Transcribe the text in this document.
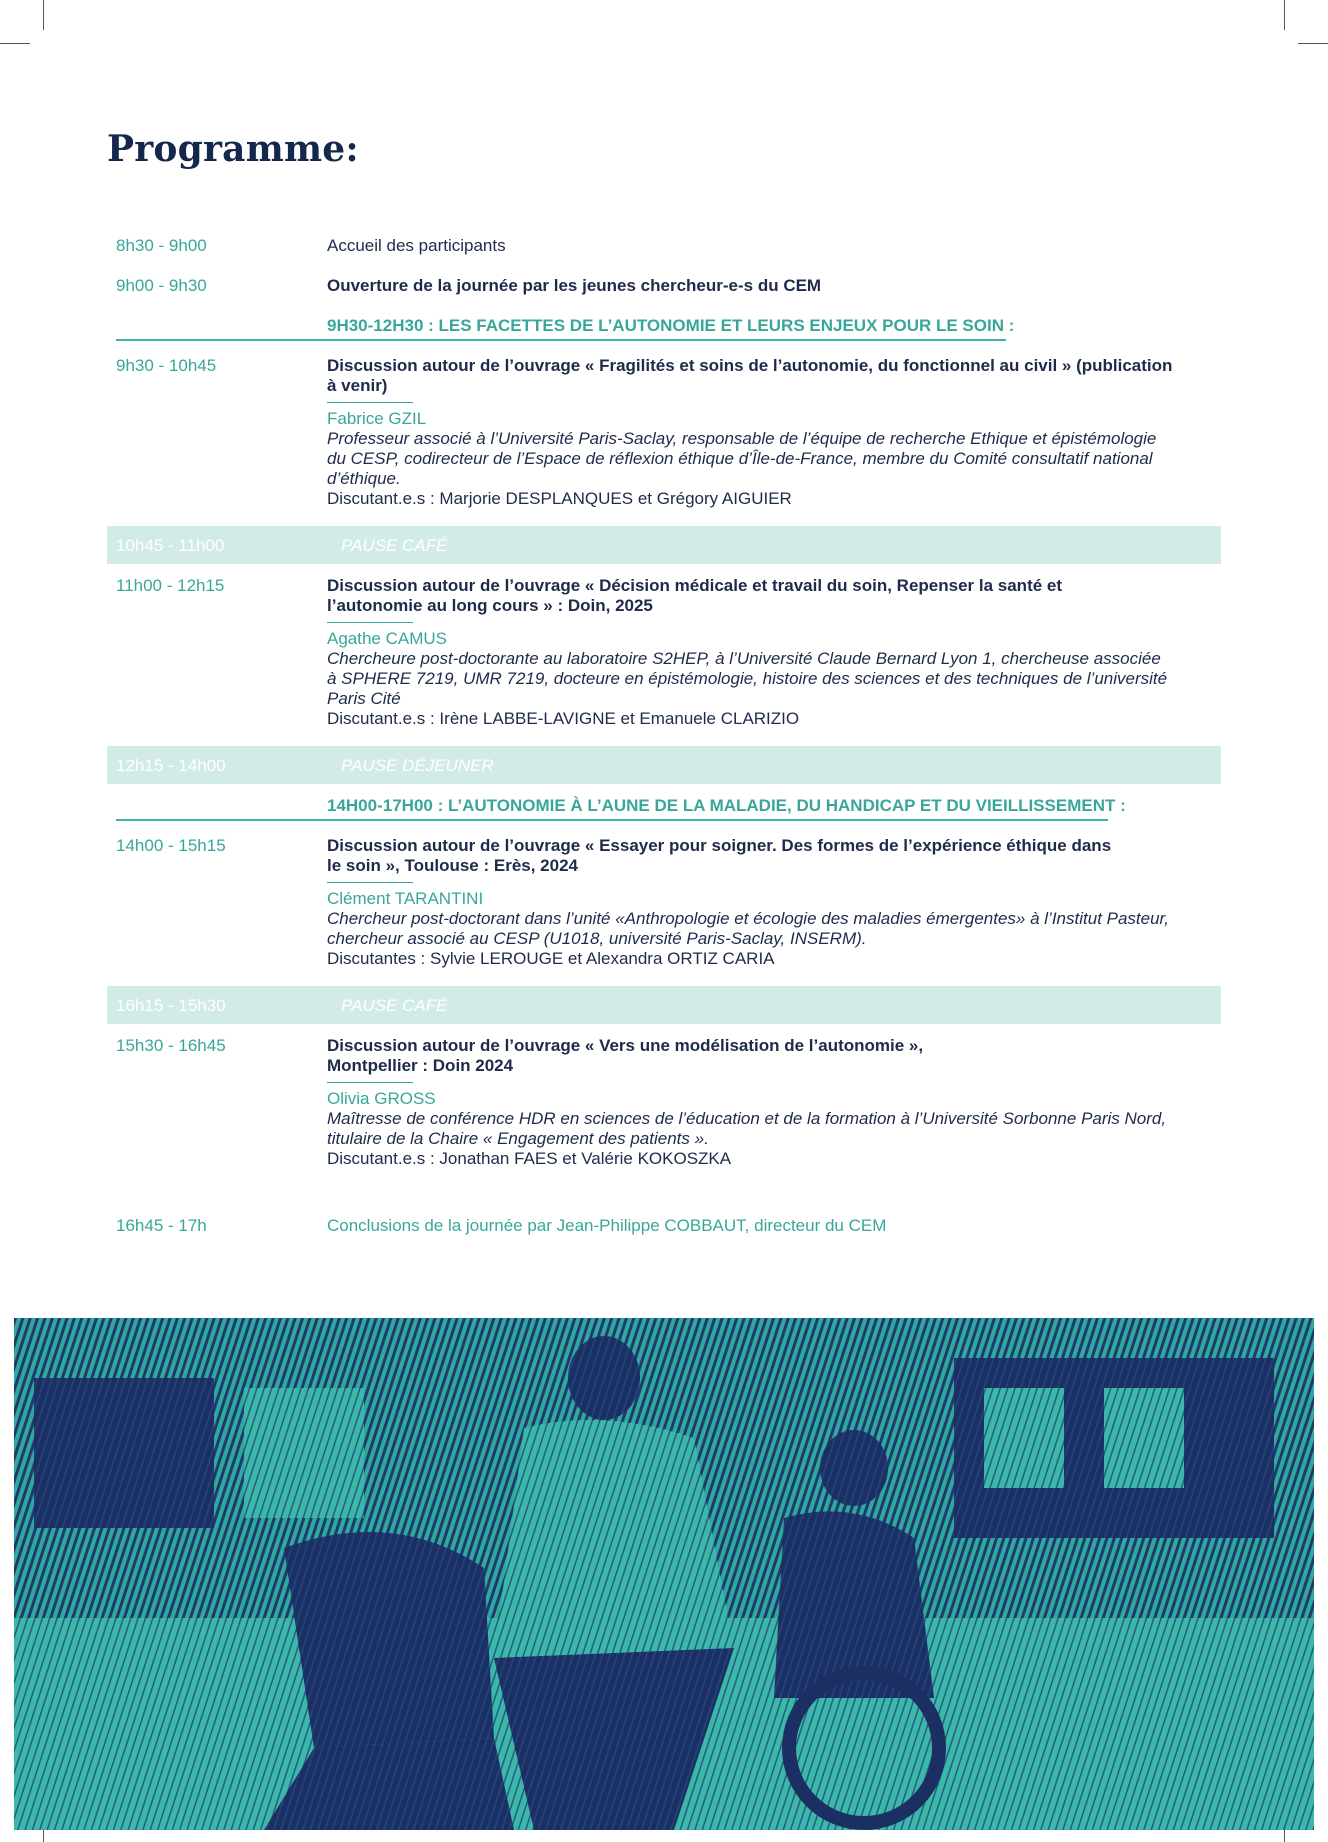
Programme:
8h30 - 9h00	Accueil des participants
9h00 - 9h30	Ouverture de la journée par les jeunes chercheur-e-s du CEM
9H30-12H30 : LES FACETTES DE L’AUTONOMIE ET LEURS ENJEUX POUR LE SOIN :
9h30 - 10h45	Discussion autour de l’ouvrage « Fragilités et soins de l’autonomie, du fonctionnel au civil » (publication
à venir)
Fabrice GZIL
Professeur associé à l’Université Paris-Saclay, responsable de l’équipe de recherche Ethique et épistémologie
du CESP, codirecteur de l’Espace de réflexion éthique d’Île-de-France, membre du Comité consultatif national
d’éthique.
Discutant.e.s : Marjorie DESPLANQUES et Grégory AIGUIER
10h45 - 11h00	PAUSE CAFÉ
11h00 - 12h15	Discussion autour de l’ouvrage « Décision médicale et travail du soin, Repenser la santé et
l’autonomie au long cours » : Doin, 2025
Agathe CAMUS
Chercheure post-doctorante au laboratoire S2HEP, à l’Université Claude Bernard Lyon 1, chercheuse associée
à SPHERE 7219, UMR 7219, docteure en épistémologie, histoire des sciences et des techniques de l’université
Paris Cité
Discutant.e.s : Irène LABBE-LAVIGNE et Emanuele CLARIZIO
12h15 - 14h00	PAUSE DÉJEUNER
14H00-17H00 : L’AUTONOMIE À L’AUNE DE LA MALADIE, DU HANDICAP ET DU VIEILLISSEMENT :
14h00 - 15h15	Discussion autour de l’ouvrage « Essayer pour soigner. Des formes de l’expérience éthique dans
le soin », Toulouse : Erès, 2024
Clément TARANTINI
Chercheur post-doctorant dans l’unité «Anthropologie et écologie des maladies émergentes» à l’Institut Pasteur,
chercheur associé au CESP (U1018, université Paris-Saclay, INSERM).
Discutantes : Sylvie LEROUGE et Alexandra ORTIZ CARIA
16h15 - 15h30	PAUSE CAFÉ
15h30 - 16h45	Discussion autour de l’ouvrage « Vers une modélisation de l’autonomie »,
Montpellier : Doin 2024
Olivia GROSS
Maîtresse de conférence HDR en sciences de l’éducation et de la formation à l’Université Sorbonne Paris Nord,
titulaire de la Chaire « Engagement des patients ».
Discutant.e.s : Jonathan FAES et Valérie KOKOSZKA
16h45 - 17h	Conclusions de la journée par Jean-Philippe COBBAUT, directeur du CEM
